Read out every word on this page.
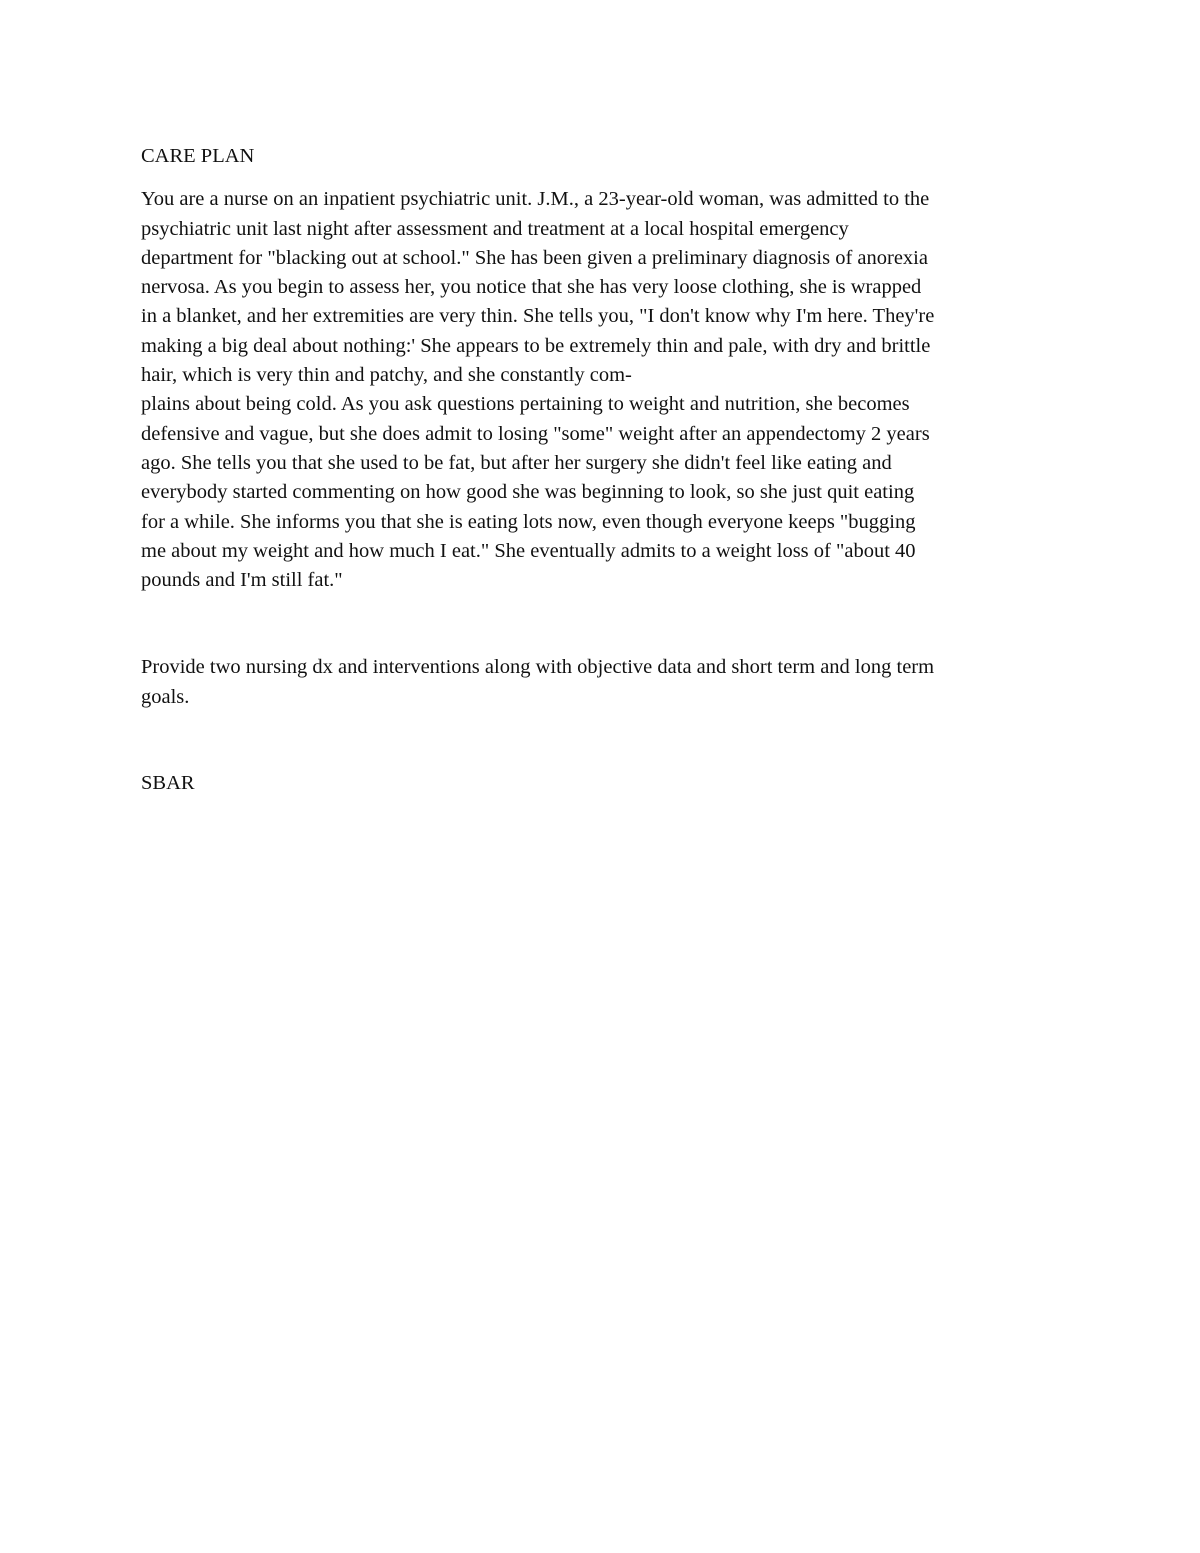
CARE PLAN
You are a nurse on an inpatient psychiatric unit. J.M., a 23-year-old woman, was admitted to the
psychiatric unit last night after assessment and treatment at a local hospital emergency
department for "blacking out at school." She has been given a preliminary diagnosis of anorexia
nervosa. As you begin to assess her, you notice that she has very loose clothing, she is wrapped
in a blanket, and her extremities are very thin. She tells you, "I don't know why I'm here. They're
making a big deal about nothing:' She appears to be extremely thin and pale, with dry and brittle
hair, which is very thin and patchy, and she constantly com-
plains about being cold. As you ask questions pertaining to weight and nutrition, she becomes
defensive and vague, but she does admit to losing "some" weight after an appendectomy 2 years
ago. She tells you that she used to be fat, but after her surgery she didn't feel like eating and
everybody started commenting on how good she was beginning to look, so she just quit eating
for a while. She informs you that she is eating lots now, even though everyone keeps "bugging
me about my weight and how much I eat." She eventually admits to a weight loss of "about 40
pounds and I'm still fat."
Provide two nursing dx and interventions along with objective data and short term and long term
goals.
SBAR
